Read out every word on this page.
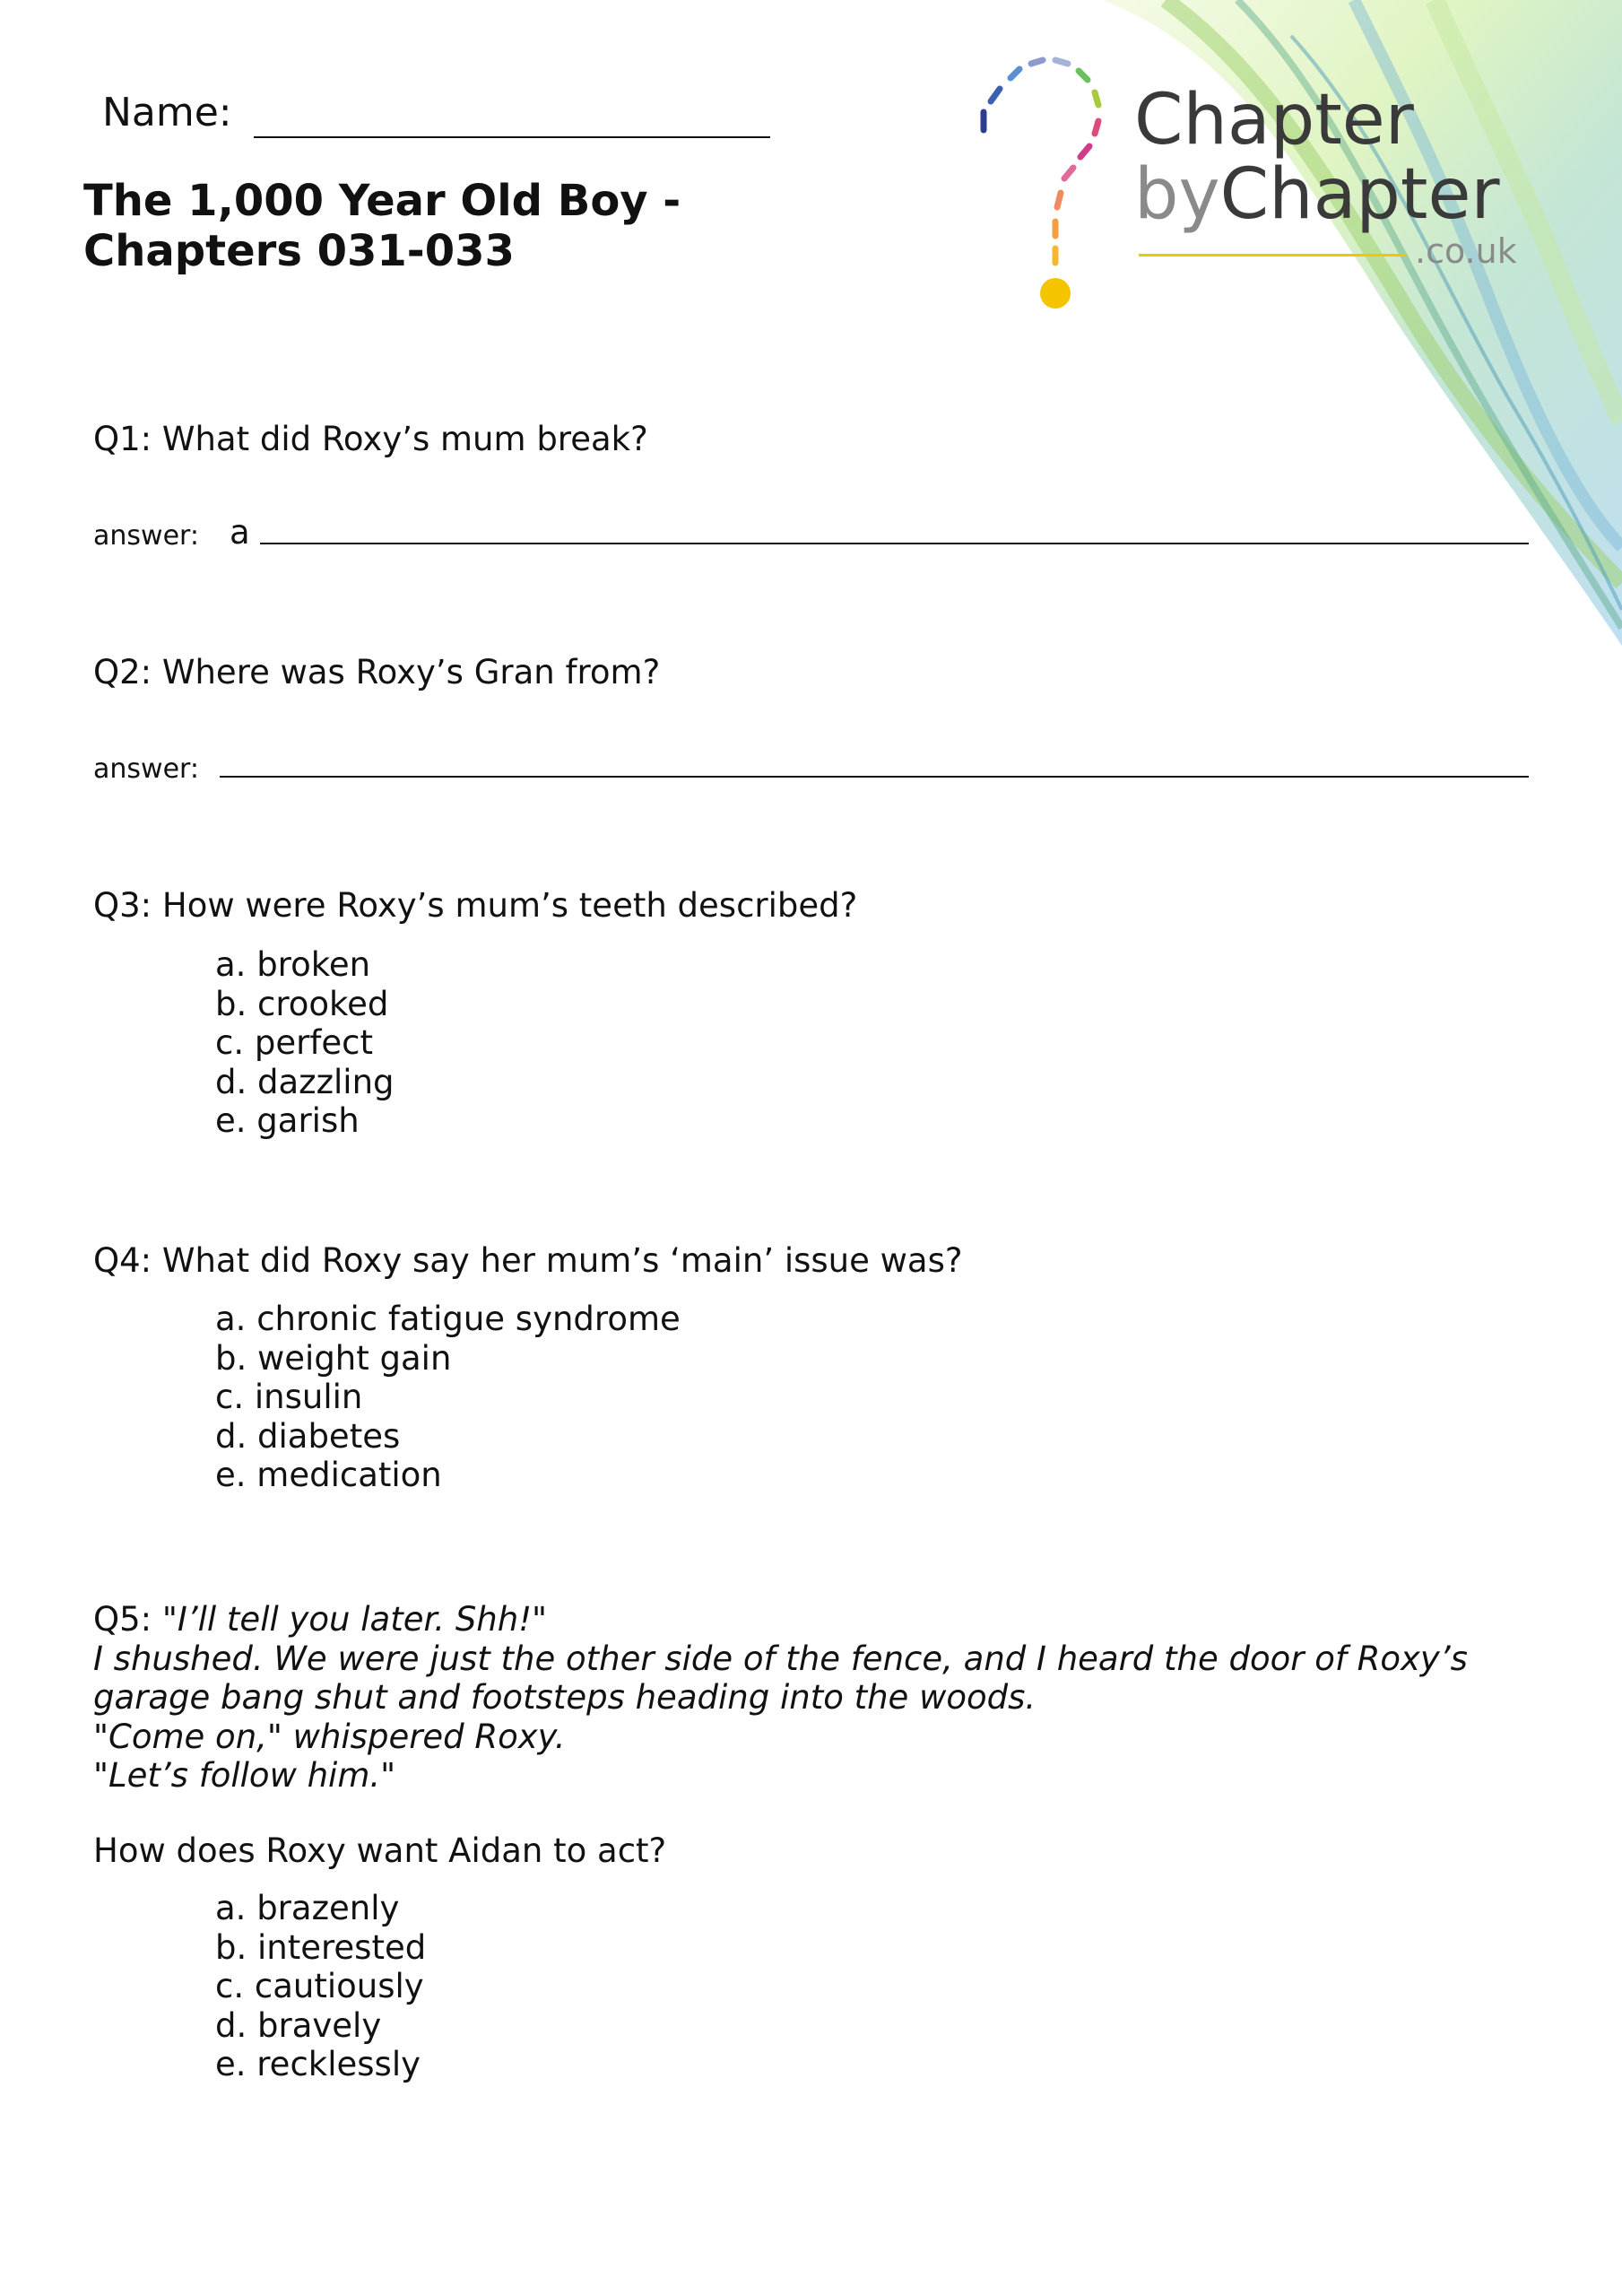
Name:
The 1,000 Year Old Boy -
Chapters 031-033
Chapter
byChapter
.co.uk
Q1: What did Roxy’s mum break?
answer: a
Q2: Where was Roxy’s Gran from?
answer:
Q3: How were Roxy’s mum’s teeth described?
a. broken
b. crooked
c. perfect
d. dazzling
e. garish
Q4: What did Roxy say her mum’s ‘main’ issue was?
a. chronic fatigue syndrome
b. weight gain
c. insulin
d. diabetes
e. medication
Q5: "I’ll tell you later. Shh!"
I shushed. We were just the other side of the fence, and I heard the door of Roxy’s
garage bang shut and footsteps heading into the woods.
"Come on," whispered Roxy.
"Let’s follow him."
How does Roxy want Aidan to act?
a. brazenly
b. interested
c. cautiously
d. bravely
e. recklessly
